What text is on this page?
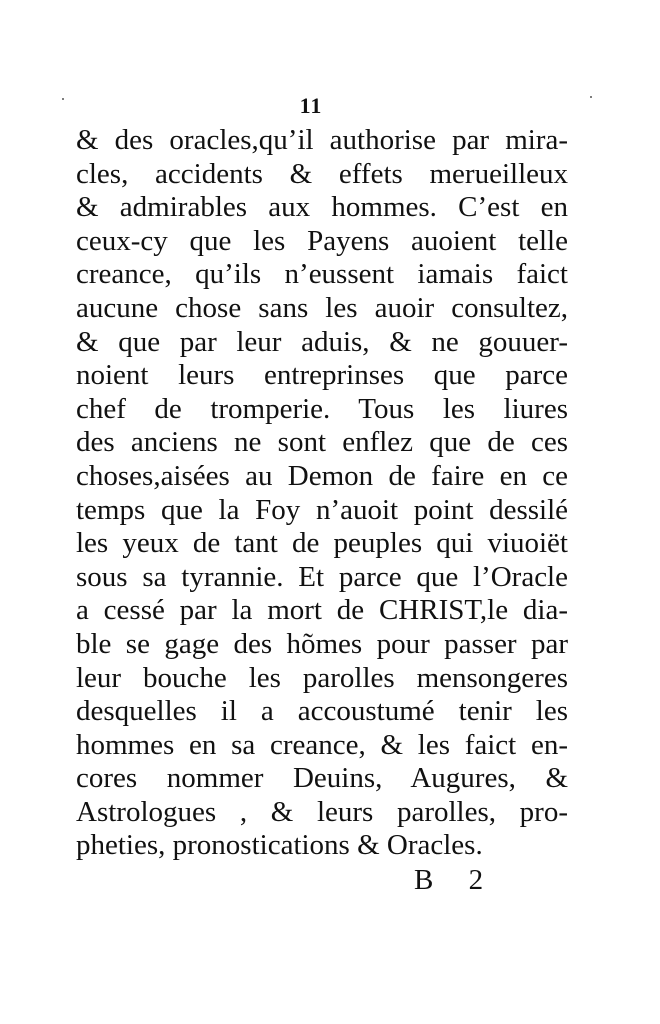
11
& des oracles,qu’il authorise par mira-
cles, accidents & effets merueilleux
& admirables aux hommes. C’est en
ceux-cy que les Payens auoient telle
creance, qu’ils n’eussent iamais faict
aucune chose sans les auoir consultez,
& que par leur aduis, & ne gouuer-
noient leurs entreprinses que parce
chef de tromperie. Tous les liures
des anciens ne sont enflez que de ces
choses,aisées au Demon de faire en ce
temps que la Foy n’auoit point dessilé
les yeux de tant de peuples qui viuoiët
sous sa tyrannie. Et parce que l’Oracle
a cessé par la mort de CHRIST,le dia-
ble se gage des hõmes pour passer par
leur bouche les parolles mensongeres
desquelles il a accoustumé tenir les
hommes en sa creance, & les faict en-
cores nommer Deuins, Augures, &
Astrologues , & leurs parolles, pro-
pheties, pronostications & Oracles.
B 2
